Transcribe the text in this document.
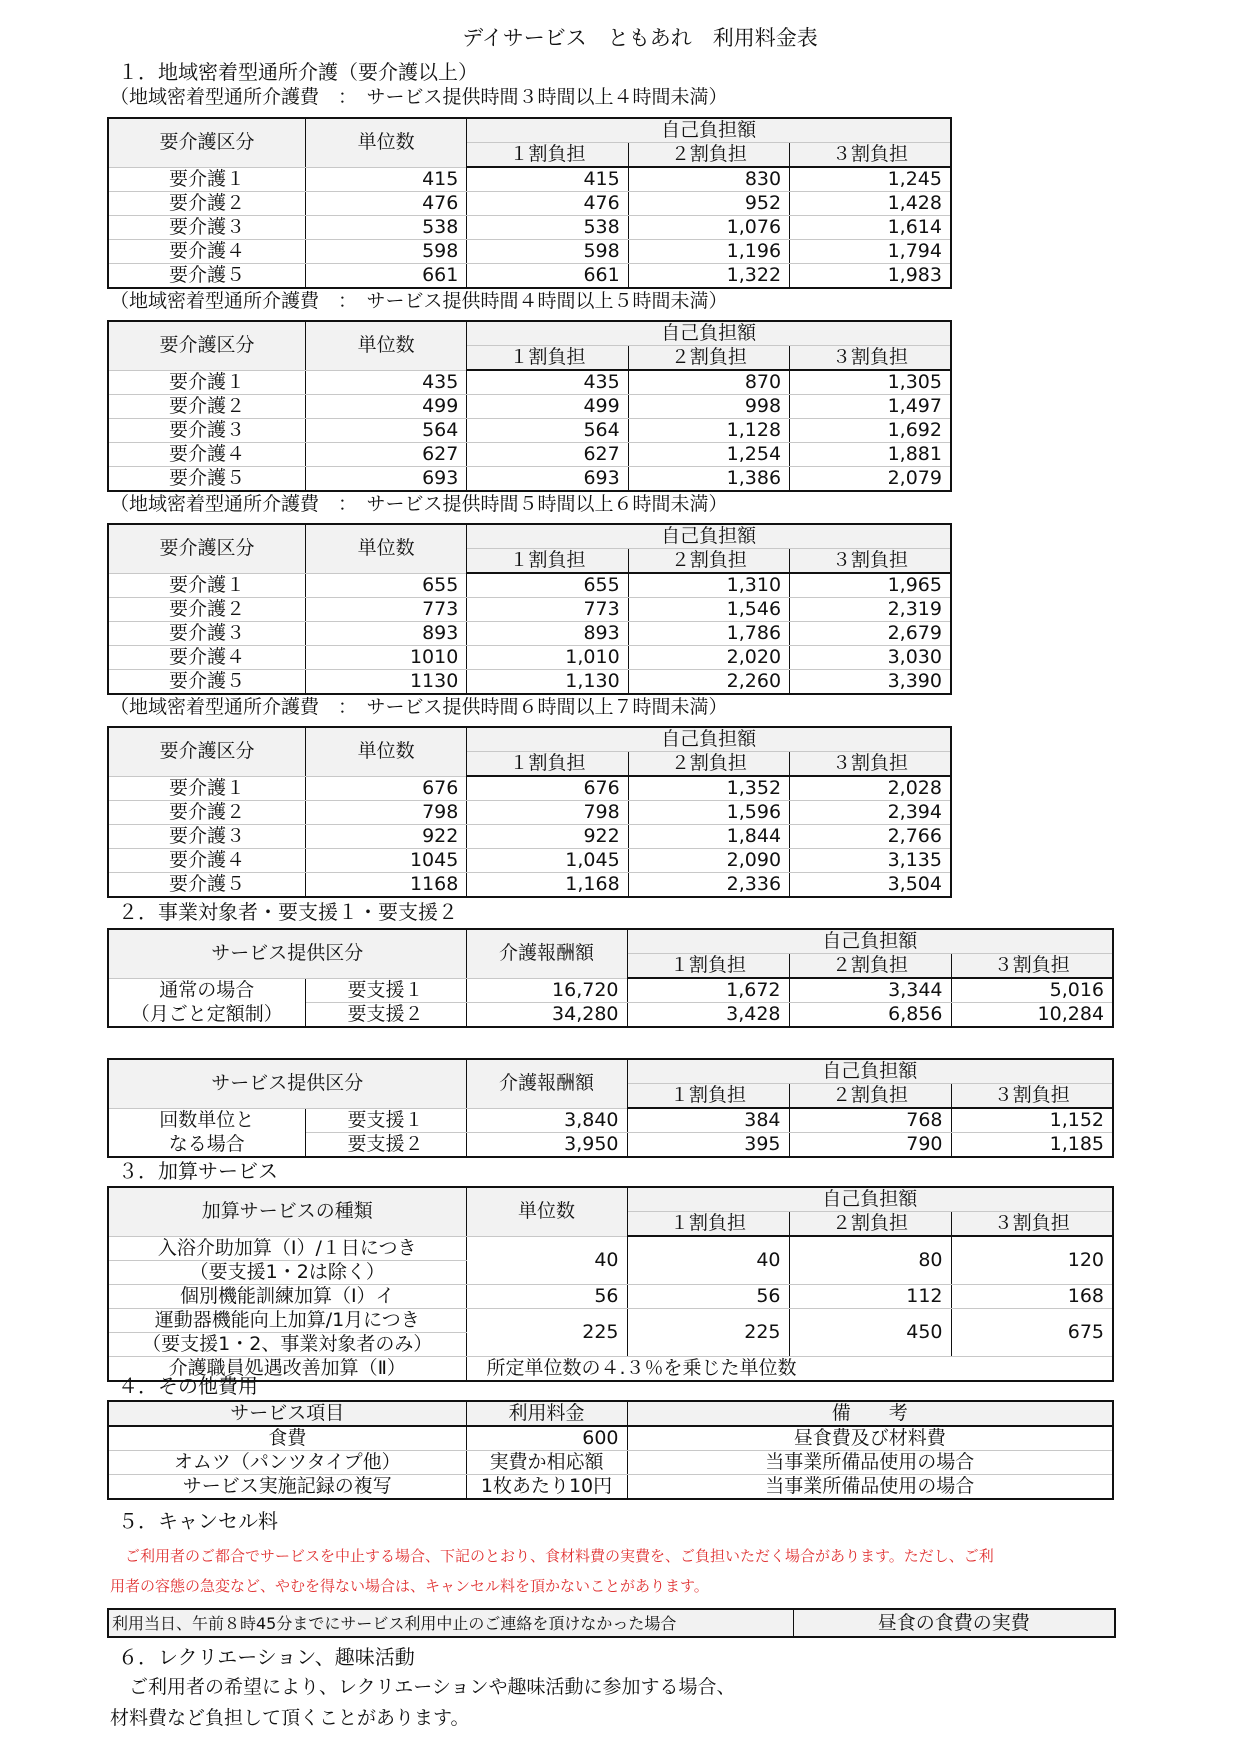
デイサービス　ともあれ　利用料金表
１．地域密着型通所介護（要介護以上）
（地域密着型通所介護費　：　サービス提供時間３時間以上４時間未満）
要介護区分	単位数	自己負担額		
		１割負担	２割負担	３割負担
要介護１	415	415	830	1,245
要介護２	476	476	952	1,428
要介護３	538	538	1,076	1,614
要介護４	598	598	1,196	1,794
要介護５	661	661	1,322	1,983
（地域密着型通所介護費　：　サービス提供時間４時間以上５時間未満）
要介護区分	単位数	自己負担額		
		１割負担	２割負担	３割負担
要介護１	435	435	870	1,305
要介護２	499	499	998	1,497
要介護３	564	564	1,128	1,692
要介護４	627	627	1,254	1,881
要介護５	693	693	1,386	2,079
（地域密着型通所介護費　：　サービス提供時間５時間以上６時間未満）
要介護区分	単位数	自己負担額		
		１割負担	２割負担	３割負担
要介護１	655	655	1,310	1,965
要介護２	773	773	1,546	2,319
要介護３	893	893	1,786	2,679
要介護４	1010	1,010	2,020	3,030
要介護５	1130	1,130	2,260	3,390
（地域密着型通所介護費　：　サービス提供時間６時間以上７時間未満）
要介護区分	単位数	自己負担額		
		１割負担	２割負担	３割負担
要介護１	676	676	1,352	2,028
要介護２	798	798	1,596	2,394
要介護３	922	922	1,844	2,766
要介護４	1045	1,045	2,090	3,135
要介護５	1168	1,168	2,336	3,504
２．事業対象者・要支援１・要支援２
サービス提供区分		介護報酬額	自己負担額		
			１割負担	２割負担	３割負担
通常の場合	要支援１	16,720	1,672	3,344	5,016
（月ごと定額制）	要支援２	34,280	3,428	6,856	10,284
サービス提供区分		介護報酬額	自己負担額		
			１割負担	２割負担	３割負担
回数単位と	要支援１	3,840	384	768	1,152
なる場合	要支援２	3,950	395	790	1,185
３．加算サービス
加算サービスの種類	単位数	自己負担額		
		１割負担	２割負担	３割負担
入浴介助加算（Ⅰ）/１日につき	40	40	80	120
（要支援1・2は除く）				
個別機能訓練加算（Ⅰ）イ	56	56	112	168
運動器機能向上加算/1月につき	225	225	450	675
（要支援1・2、事業対象者のみ）				
介護職員処遇改善加算（Ⅱ）	所定単位数の４.３％を乗じた単位数			
４．その他費用
サービス項目	利用料金	備　　考
食費	600	昼食費及び材料費
オムツ（パンツタイプ他）	実費か相応額	当事業所備品使用の場合
サービス実施記録の複写	1枚あたり10円	当事業所備品使用の場合
５．キャンセル料
　ご利用者のご都合でサービスを中止する場合、下記のとおり、食材料費の実費を、ご負担いただく場合があります。ただし、ご利
用者の容態の急変など、やむを得ない場合は、キャンセル料を頂かないことがあります。
利用当日、午前８時45分までにサービス利用中止のご連絡を頂けなかった場合	昼食の食費の実費
６．レクリエーション、趣味活動
　ご利用者の希望により、レクリエーションや趣味活動に参加する場合、
材料費など負担して頂くことがあります。
